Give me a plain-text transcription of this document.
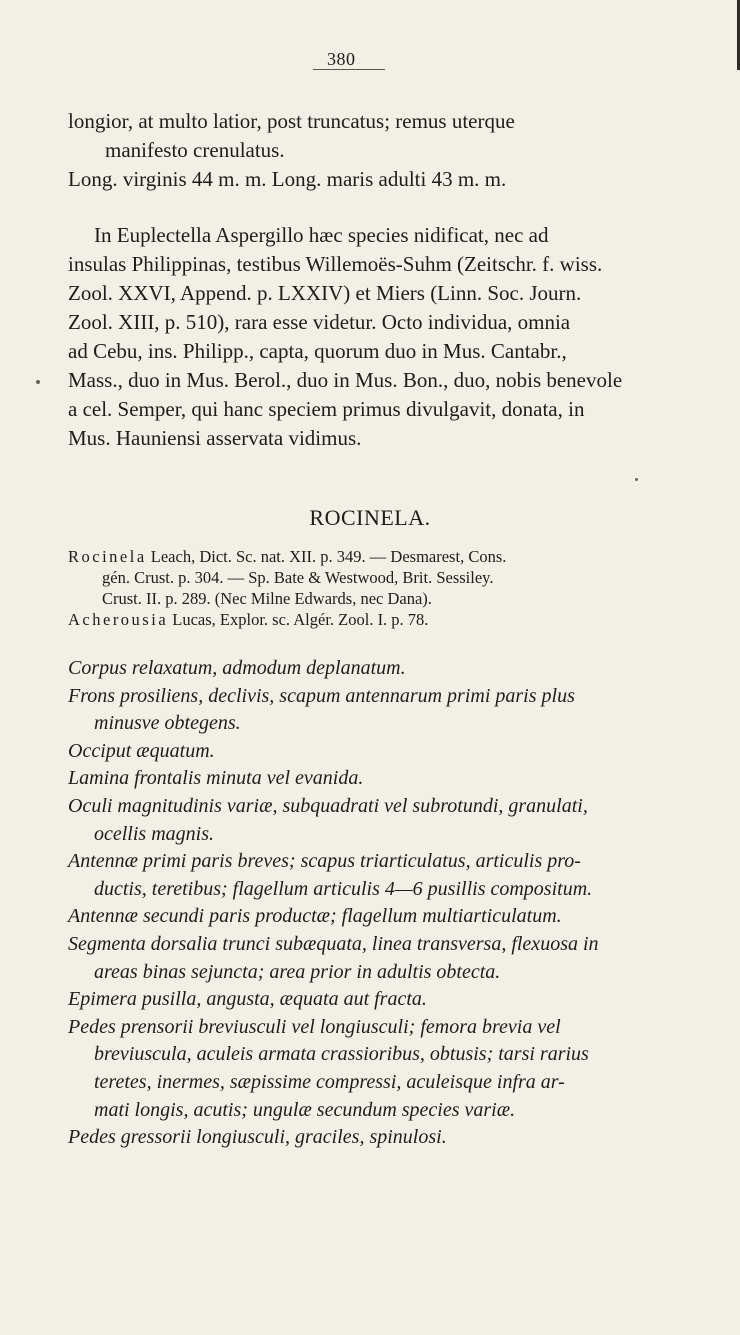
380
longior, at multo latior, post truncatus; remus uterque
manifesto crenulatus.
Long. virginis 44 m. m. Long. maris adulti 43 m. m.
In Euplectella Aspergillo hæc species nidificat, nec ad
insulas Philippinas, testibus Willemoës-Suhm (Zeitschr. f. wiss.
Zool. XXVI, Append. p. LXXIV) et Miers (Linn. Soc. Journ.
Zool. XIII, p. 510), rara esse videtur. Octo individua, omnia
ad Cebu, ins. Philipp., capta, quorum duo in Mus. Cantabr.,
Mass., duo in Mus. Berol., duo in Mus. Bon., duo, nobis benevole
a cel. Semper, qui hanc speciem primus divulgavit, donata, in
Mus. Hauniensi asservata vidimus.
ROCINELA.
Rocinela Leach, Dict. Sc. nat. XII. p. 349. — Desmarest, Cons.
gén. Crust. p. 304. — Sp. Bate & Westwood, Brit. Sessiley.
Crust. II. p. 289. (Nec Milne Edwards, nec Dana).
Acherousia Lucas, Explor. sc. Algér. Zool. I. p. 78.
Corpus relaxatum, admodum deplanatum.
Frons prosiliens, declivis, scapum antennarum primi paris plus
minusve obtegens.
Occiput æquatum.
Lamina frontalis minuta vel evanida.
Oculi magnitudinis variæ, subquadrati vel subrotundi, granulati,
ocellis magnis.
Antennæ primi paris breves; scapus triarticulatus, articulis pro-
ductis, teretibus; flagellum articulis 4—6 pusillis compositum.
Antennæ secundi paris productæ; flagellum multiarticulatum.
Segmenta dorsalia trunci subæquata, linea transversa, flexuosa in
areas binas sejuncta; area prior in adultis obtecta.
Epimera pusilla, angusta, æquata aut fracta.
Pedes prensorii breviusculi vel longiusculi; femora brevia vel
breviuscula, aculeis armata crassioribus, obtusis; tarsi rarius
teretes, inermes, sæpissime compressi, aculeisque infra ar-
mati longis, acutis; ungulæ secundum species variæ.
Pedes gressorii longiusculi, graciles, spinulosi.
